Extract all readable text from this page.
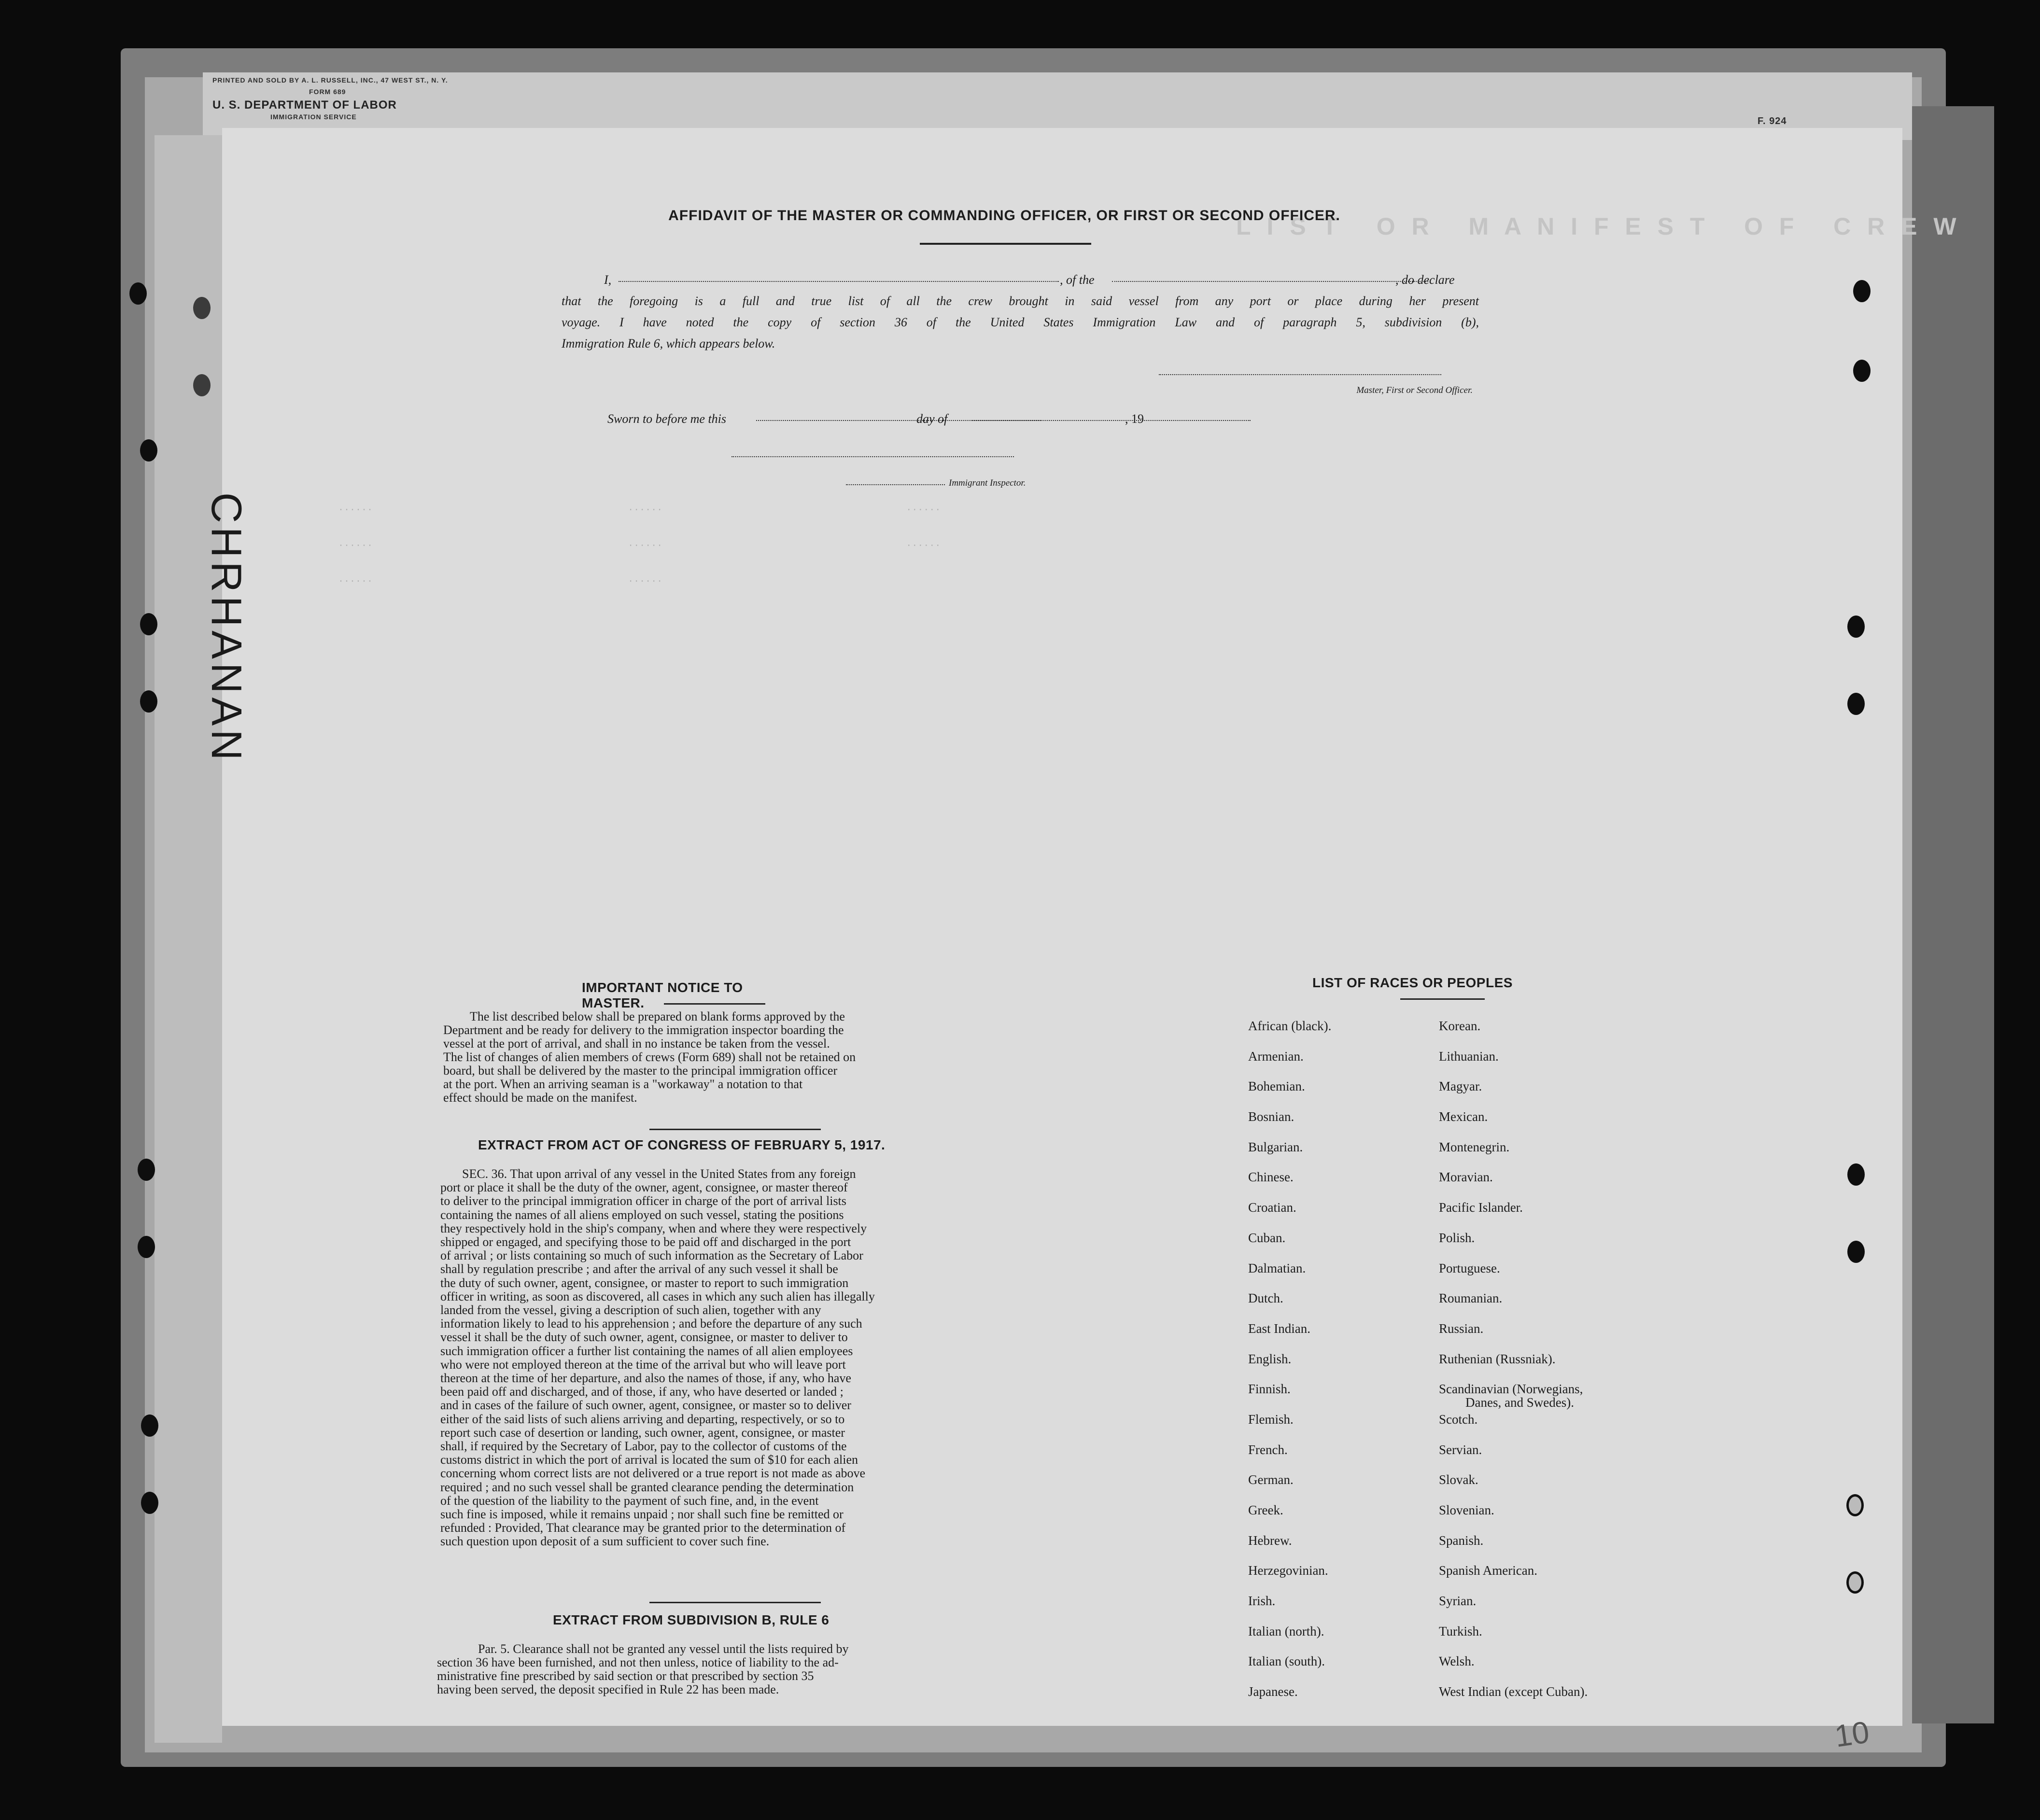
PRINTED AND SOLD BY A. L. RUSSELL, INC., 47 WEST ST., N. Y.
FORM 689
U. S. DEPARTMENT OF LABOR
IMMIGRATION SERVICE	F. 924
L I S T   O R   M A N I F E S T   O F   C R E W
······                                            ······                                          ······
······                                            ······                                          ······
······                                            ······
CHRHANAN
AFFIDAVIT OF THE MASTER OR COMMANDING OFFICER, OR FIRST OR SECOND OFFICER.
I,	, of the	, do declare
that the foregoing is a full and true list of all the crew brought in said vessel from any port or place during her present
voyage. I have noted the copy of section 36 of the United States Immigration Law and of paragraph 5, subdivision (b),
Immigration Rule 6, which appears below.
Master, First or Second Officer.
Sworn to before me this	day of	, 19
Immigrant Inspector.
IMPORTANT NOTICE TO MASTER.
The list described below shall be prepared on blank forms approved by the
Department and be ready for delivery to the immigration inspector boarding the
vessel at the port of arrival, and shall in no instance be taken from the vessel.
The list of changes of alien members of crews (Form 689) shall not be retained on
board, but shall be delivered by the master to the principal immigration officer
at the port. When an arriving seaman is a "workaway" a notation to that
effect should be made on the manifest.
EXTRACT FROM ACT OF CONGRESS OF FEBRUARY 5, 1917.
SEC. 36. That upon arrival of any vessel in the United States from any foreign
port or place it shall be the duty of the owner, agent, consignee, or master thereof
to deliver to the principal immigration officer in charge of the port of arrival lists
containing the names of all aliens employed on such vessel, stating the positions
they respectively hold in the ship's company, when and where they were respectively
shipped or engaged, and specifying those to be paid off and discharged in the port
of arrival ; or lists containing so much of such information as the Secretary of Labor
shall by regulation prescribe ; and after the arrival of any such vessel it shall be
the duty of such owner, agent, consignee, or master to report to such immigration
officer in writing, as soon as discovered, all cases in which any such alien has illegally
landed from the vessel, giving a description of such alien, together with any
information likely to lead to his apprehension ; and before the departure of any such
vessel it shall be the duty of such owner, agent, consignee, or master to deliver to
such immigration officer a further list containing the names of all alien employees
who were not employed thereon at the time of the arrival but who will leave port
thereon at the time of her departure, and also the names of those, if any, who have
been paid off and discharged, and of those, if any, who have deserted or landed ;
and in cases of the failure of such owner, agent, consignee, or master so to deliver
either of the said lists of such aliens arriving and departing, respectively, or so to
report such case of desertion or landing, such owner, agent, consignee, or master
shall, if required by the Secretary of Labor, pay to the collector of customs of the
customs district in which the port of arrival is located the sum of $10 for each alien
concerning whom correct lists are not delivered or a true report is not made as above
required ; and no such vessel shall be granted clearance pending the determination
of the question of the liability to the payment of such fine, and, in the event
such fine is imposed, while it remains unpaid ; nor shall such fine be remitted or
refunded : Provided, That clearance may be granted prior to the determination of
such question upon deposit of a sum sufficient to cover such fine.
EXTRACT FROM SUBDIVISION B, RULE 6
Par. 5. Clearance shall not be granted any vessel until the lists required by
section 36 have been furnished, and not then unless, notice of liability to the ad-
ministrative fine prescribed by said section or that prescribed by section 35
having been served, the deposit specified in Rule 22 has been made.
LIST OF RACES OR PEOPLES
African (black).
Armenian.
Bohemian.
Bosnian.
Bulgarian.
Chinese.
Croatian.
Cuban.
Dalmatian.
Dutch.
East Indian.
English.
Finnish.
Flemish.
French.
German.
Greek.
Hebrew.
Herzegovinian.
Irish.
Italian (north).
Italian (south).
Japanese.
Korean.
Lithuanian.
Magyar.
Mexican.
Montenegrin.
Moravian.
Pacific Islander.
Polish.
Portuguese.
Roumanian.
Russian.
Ruthenian (Russniak).
Scandinavian (Norwegians,
Danes, and Swedes).
Scotch.
Servian.
Slovak.
Slovenian.
Spanish.
Spanish American.
Syrian.
Turkish.
Welsh.
West Indian (except Cuban).
10
